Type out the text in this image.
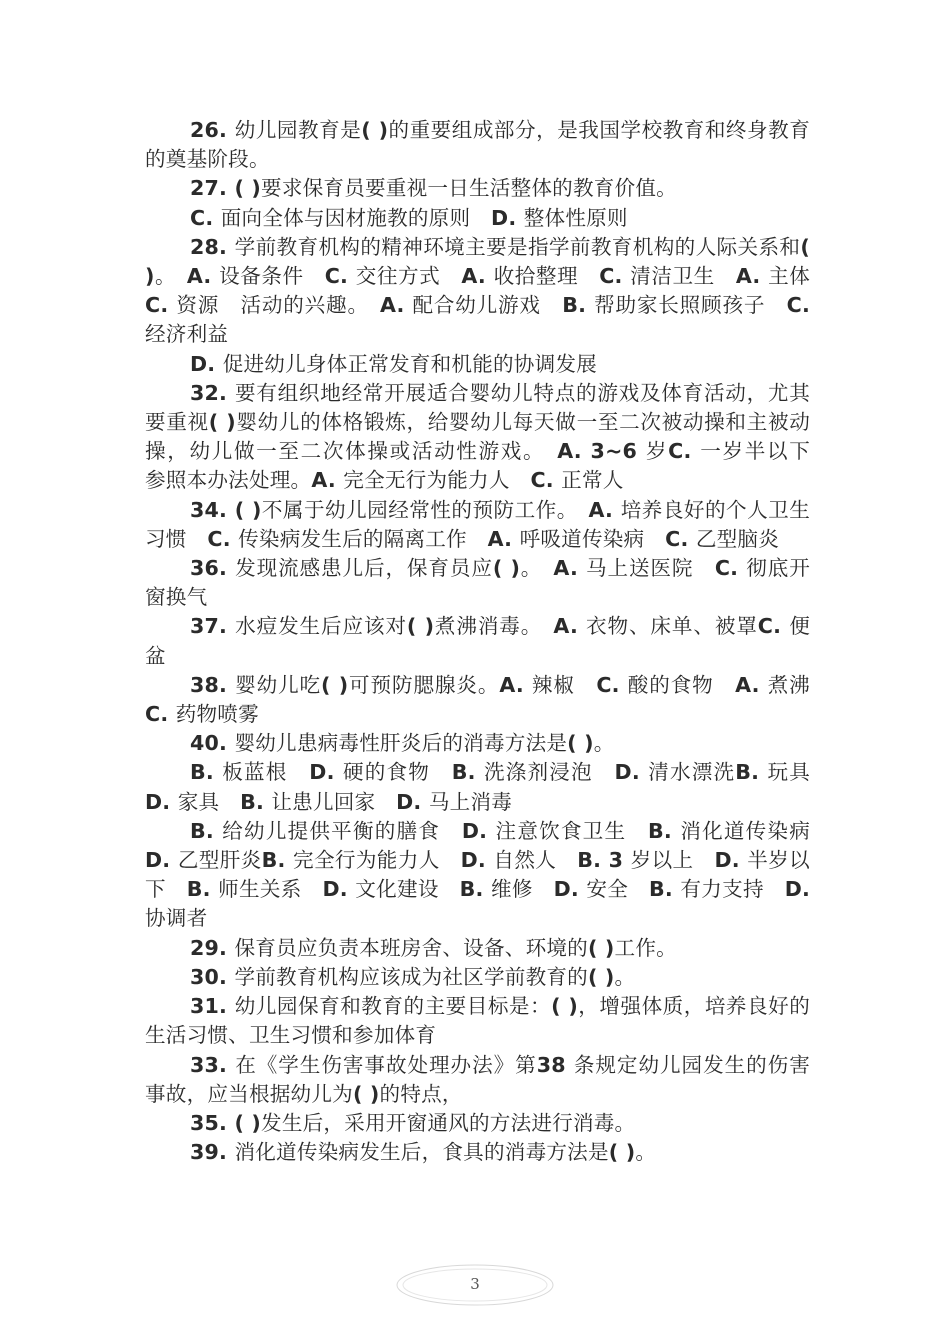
26. 幼儿园教育是( )的重要组成部分，是我国学校教育和终身教育的奠基阶段。

27. ( )要求保育员要重视一日生活整体的教育价值。

C. 面向全体与因材施教的原则　D. 整体性原则

28. 学前教育机构的精神环境主要是指学前教育机构的人际关系和( )。　A. 设备条件　C. 交往方式　A. 收拾整理　C. 清洁卫生　A. 主体　C. 资源　活动的兴趣。　A. 配合幼儿游戏　B. 帮助家长照顾孩子　C. 经济利益

D. 促进幼儿身体正常发育和机能的协调发展

32. 要有组织地经常开展适合婴幼儿特点的游戏及体育活动，尤其要重视( )婴幼儿的体格锻炼，给婴幼儿每天做一至二次被动操和主被动操，幼儿做一至二次体操或活动性游戏。　A. 3~6 岁C. 一岁半以下　参照本办法处理。A. 完全无行为能力人　C. 正常人

34. ( )不属于幼儿园经常性的预防工作。　A. 培养良好的个人卫生习惯　C. 传染病发生后的隔离工作　A. 呼吸道传染病　C. 乙型脑炎

36. 发现流感患儿后，保育员应( )。　A. 马上送医院　C. 彻底开窗换气

37. 水痘发生后应该对( )煮沸消毒。　A. 衣物、床单、被罩C. 便盆

38. 婴幼儿吃( )可预防腮腺炎。A. 辣椒　C. 酸的食物　A. 煮沸　C. 药物喷雾

40. 婴幼儿患病毒性肝炎后的消毒方法是( )。

B. 板蓝根　D. 硬的食物　B. 洗涤剂浸泡　D. 清水漂洗B. 玩具　D. 家具　B. 让患儿回家　D. 马上消毒

B. 给幼儿提供平衡的膳食　D. 注意饮食卫生　B. 消化道传染病　D. 乙型肝炎B. 完全行为能力人　D. 自然人　B. 3 岁以上　D. 半岁以下　B. 师生关系　D. 文化建设　B. 维修　D. 安全　B. 有力支持　D. 协调者

29. 保育员应负责本班房舍、设备、环境的( )工作。

30. 学前教育机构应该成为社区学前教育的( )。

31. 幼儿园保育和教育的主要目标是：( )，增强体质，培养良好的生活习惯、卫生习惯和参加体育

33. 在《学生伤害事故处理办法》第38 条规定幼儿园发生的伤害事故，应当根据幼儿为( )的特点，

35. ( )发生后，采用开窗通风的方法进行消毒。

39. 消化道传染病发生后，食具的消毒方法是( )。

3
